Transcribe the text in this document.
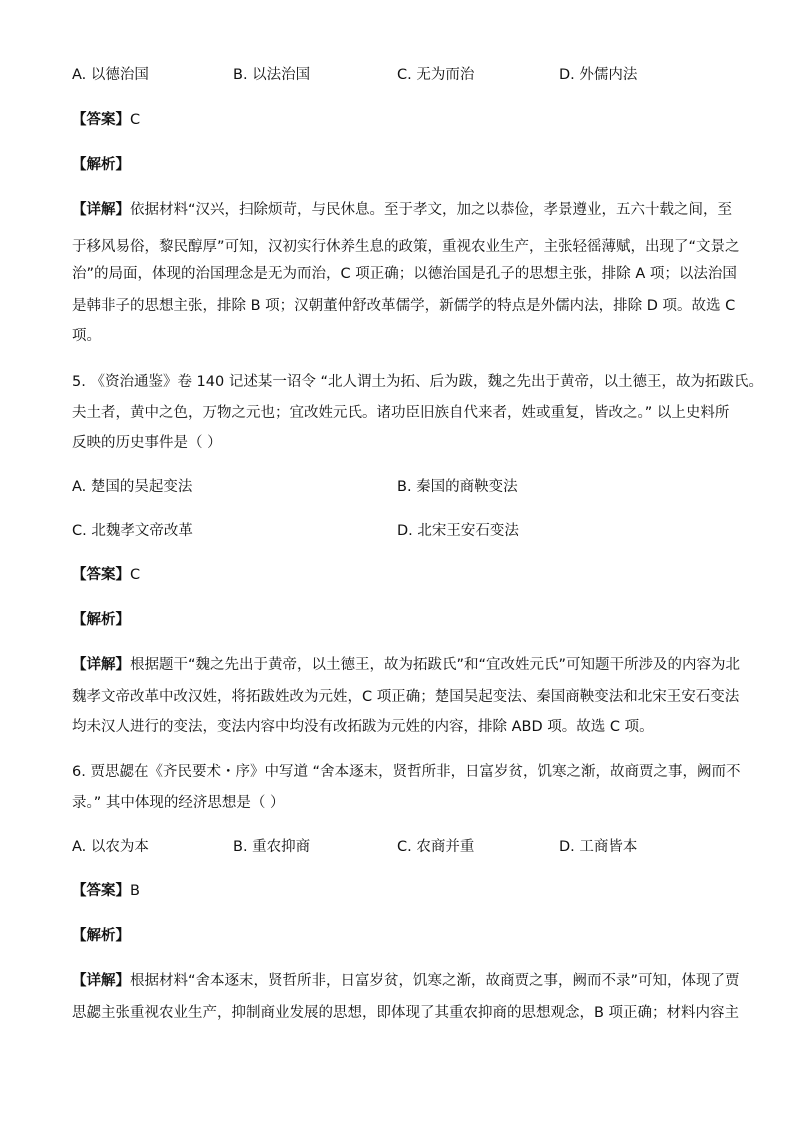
A. 以德治国	B. 以法治国	C. 无为而治	D. 外儒内法
【答案】C
【解析】
【详解】依据材料“汉兴，扫除烦苛，与民休息。至于孝文，加之以恭俭，孝景遵业，五六十载之间，至
于移风易俗，黎民醇厚”可知，汉初实行休养生息的政策，重视农业生产，主张轻徭薄赋，出现了“文景之
治”的局面，体现的治国理念是无为而治，C 项正确；以德治国是孔子的思想主张，排除 A 项；以法治国
是韩非子的思想主张，排除 B 项；汉朝董仲舒改革儒学，新儒学的特点是外儒内法，排除 D 项。故选 C
项。
5. 《资治通鉴》卷 140 记述某一诏令 “北人谓土为拓、后为跋，魏之先出于黄帝，以土德王，故为拓跋氏。
夫土者，黄中之色，万物之元也；宜改姓元氏。诸功臣旧族自代来者，姓或重复，皆改之。” 以上史料所
反映的历史事件是（ ）
A. 楚国的吴起变法	B. 秦国的商鞅变法
C. 北魏孝文帝改革	D. 北宋王安石变法
【答案】C
【解析】
【详解】根据题干“魏之先出于黄帝，以土德王，故为拓跋氏”和“宜改姓元氏”可知题干所涉及的内容为北
魏孝文帝改革中改汉姓，将拓跋姓改为元姓，C 项正确；楚国吴起变法、秦国商鞅变法和北宋王安石变法
均未汉人进行的变法，变法内容中均没有改拓跋为元姓的内容，排除 ABD 项。故选 C 项。
6. 贾思勰在《齐民要术・序》中写道 “舍本逐末，贤哲所非，日富岁贫，饥寒之渐，故商贾之事，阙而不
录。” 其中体现的经济思想是（ ）
A. 以农为本	B. 重农抑商	C. 农商并重	D. 工商皆本
【答案】B
【解析】
【详解】根据材料“舍本逐末，贤哲所非，日富岁贫，饥寒之渐，故商贾之事，阙而不录”可知，体现了贾
思勰主张重视农业生产，抑制商业发展的思想，即体现了其重农抑商的思想观念，B 项正确；材料内容主
